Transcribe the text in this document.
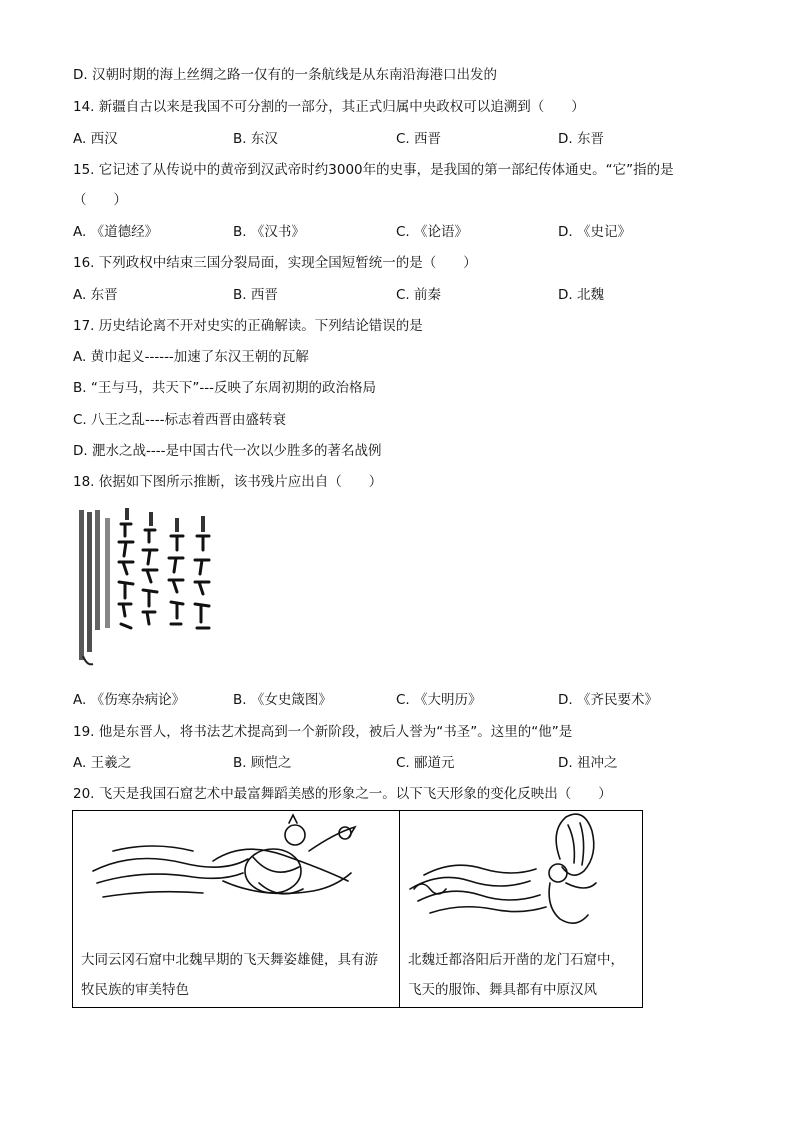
D. 汉朝时期的海上丝绸之路一仅有的一条航线是从东南沿海港口出发的
14. 新疆自古以来是我国不可分割的一部分，其正式归属中央政权可以追溯到（　　）
A. 西汉	B. 东汉	C. 西晋	D. 东晋
15. 它记述了从传说中的黄帝到汉武帝时约3000年的史事，是我国的第一部纪传体通史。“它”指的是
（　　）
A. 《道德经》	B. 《汉书》	C. 《论语》	D. 《史记》
16. 下列政权中结束三国分裂局面，实现全国短暂统一的是（　　）
A. 东晋	B. 西晋	C. 前秦	D. 北魏
17. 历史结论离不开对史实的正确解读。下列结论错误的是
A. 黄巾起义------加速了东汉王朝的瓦解
B. “王与马，共天下”---反映了东周初期的政治格局
C. 八王之乱----标志着西晋由盛转衰
D. 淝水之战----是中国古代一次以少胜多的著名战例
18. 依据如下图所示推断，该书残片应出自（　　）
A. 《伤寒杂病论》	B. 《女史箴图》	C. 《大明历》	D. 《齐民要术》
19. 他是东晋人，将书法艺术提高到一个新阶段，被后人誉为“书圣”。这里的“他”是
A. 王羲之	B. 顾恺之	C. 郦道元	D. 祖冲之
20. 飞天是我国石窟艺术中最富舞蹈美感的形象之一。以下飞天形象的变化反映出（　　）
大同云冈石窟中北魏早期的飞天舞姿雄健，具有游牧民族的审美特色
北魏迁都洛阳后开凿的龙门石窟中，飞天的服饰、舞具都有中原汉风
